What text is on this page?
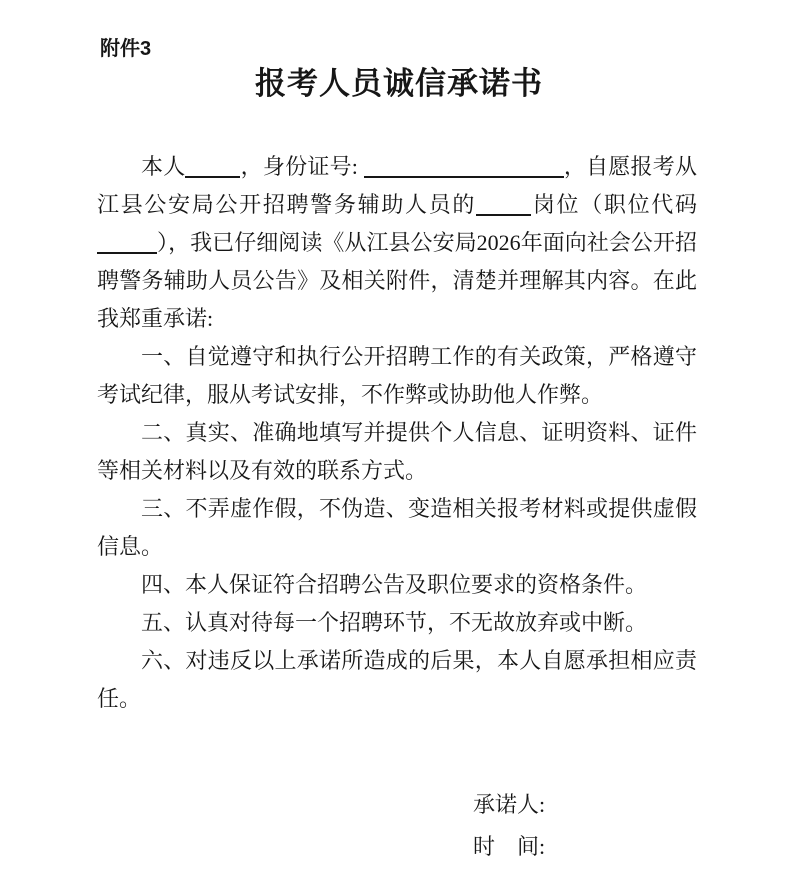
附件3
报考人员诚信承诺书

本人	，身份证号:	，自愿报考从江县公安局公开招聘警务辅助人员的	岗位（职位代码），我已仔细阅读《从江县公安局2026年面向社会公开招聘警务辅助人员公告》及相关附件，清楚并理解其内容。在此我郑重承诺:

一、自觉遵守和执行公开招聘工作的有关政策，严格遵守考试纪律，服从考试安排，不作弊或协助他人作弊。

二、真实、准确地填写并提供个人信息、证明资料、证件等相关材料以及有效的联系方式。

三、不弄虚作假，不伪造、变造相关报考材料或提供虚假信息。

四、本人保证符合招聘公告及职位要求的资格条件。

五、认真对待每一个招聘环节，不无故放弃或中断。

六、对违反以上承诺所造成的后果，本人自愿承担相应责任。

承诺人:
时　间:
